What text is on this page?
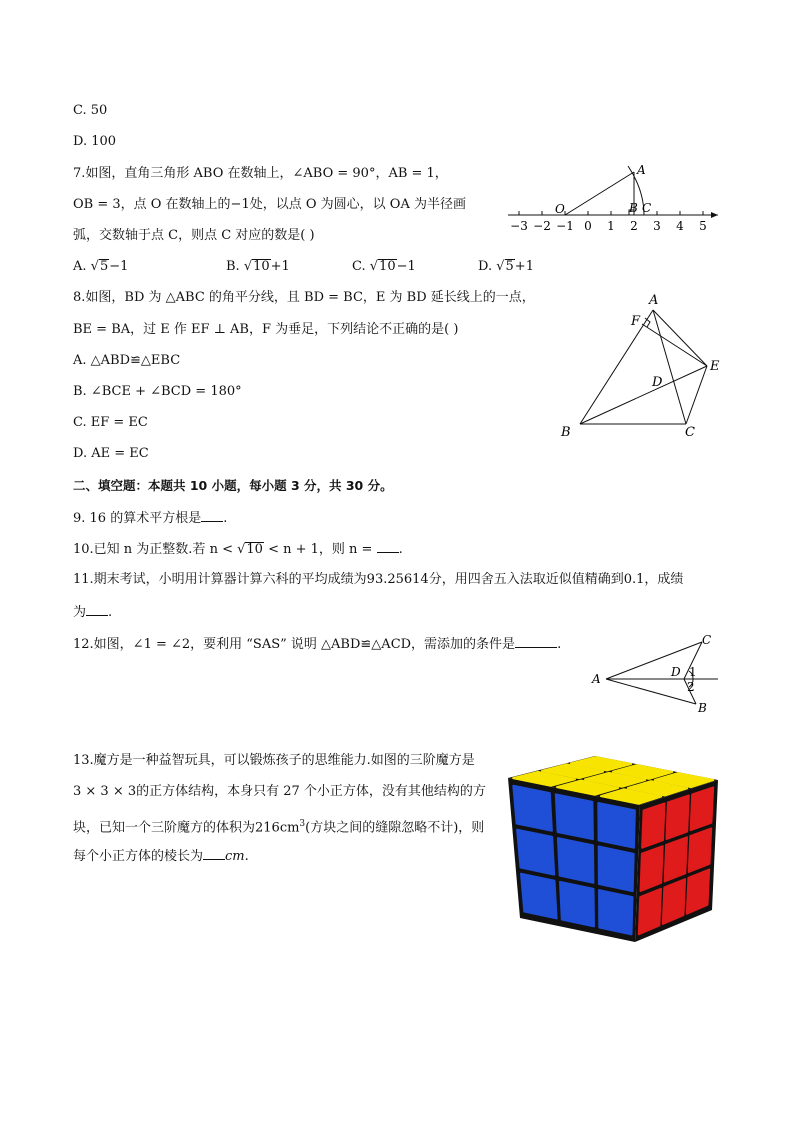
C. 50
D. 100
7.如图，直角三角形 ABO 在数轴上，∠ABO = 90°，AB = 1，
OB = 3，点 O 在数轴上的−1处，以点 O 为圆心，以 OA 为半径画
弧，交数轴于点 C，则点 C 对应的数是( )
A. √5−1	B. √10+1	C. √10−1	D. √5+1
−3 −2 −1 0 1 2 3 4 5
A
O	B C
8.如图，BD 为 △ABC 的角平分线，且 BD = BC，E 为 BD 延长线上的一点，
BE = BA，过 E 作 EF ⊥ AB，F 为垂足，下列结论不正确的是( )
A. △ABD≌△EBC
B. ∠BCE + ∠BCD = 180°
C. EF = EC
D. AE = EC
A
F
E
D
B	C
二、填空题：本题共 10 小题，每小题 3 分，共 30 分。
9. 16 的算术平方根是 .
10.已知 n 为正整数.若 n < √10 < n + 1，则 n = .
11.期末考试，小明用计算器计算六科的平均成绩为93.25614分，用四舍五入法取近似值精确到0.1，成绩
为 .
12.如图，∠1 = ∠2，要利用 “SAS” 说明 △ABD≌△ACD，需添加的条件是	.
A
C
B
D 1
2
13.魔方是一种益智玩具，可以锻炼孩子的思维能力.如图的三阶魔方是
3 × 3 × 3的正方体结构，本身只有 27 个小正方体，没有其他结构的方
块，已知一个三阶魔方的体积为$216cm^3$(方块之间的缝隙忽略不计)，则
每个小正方体的棱长为 cm.
